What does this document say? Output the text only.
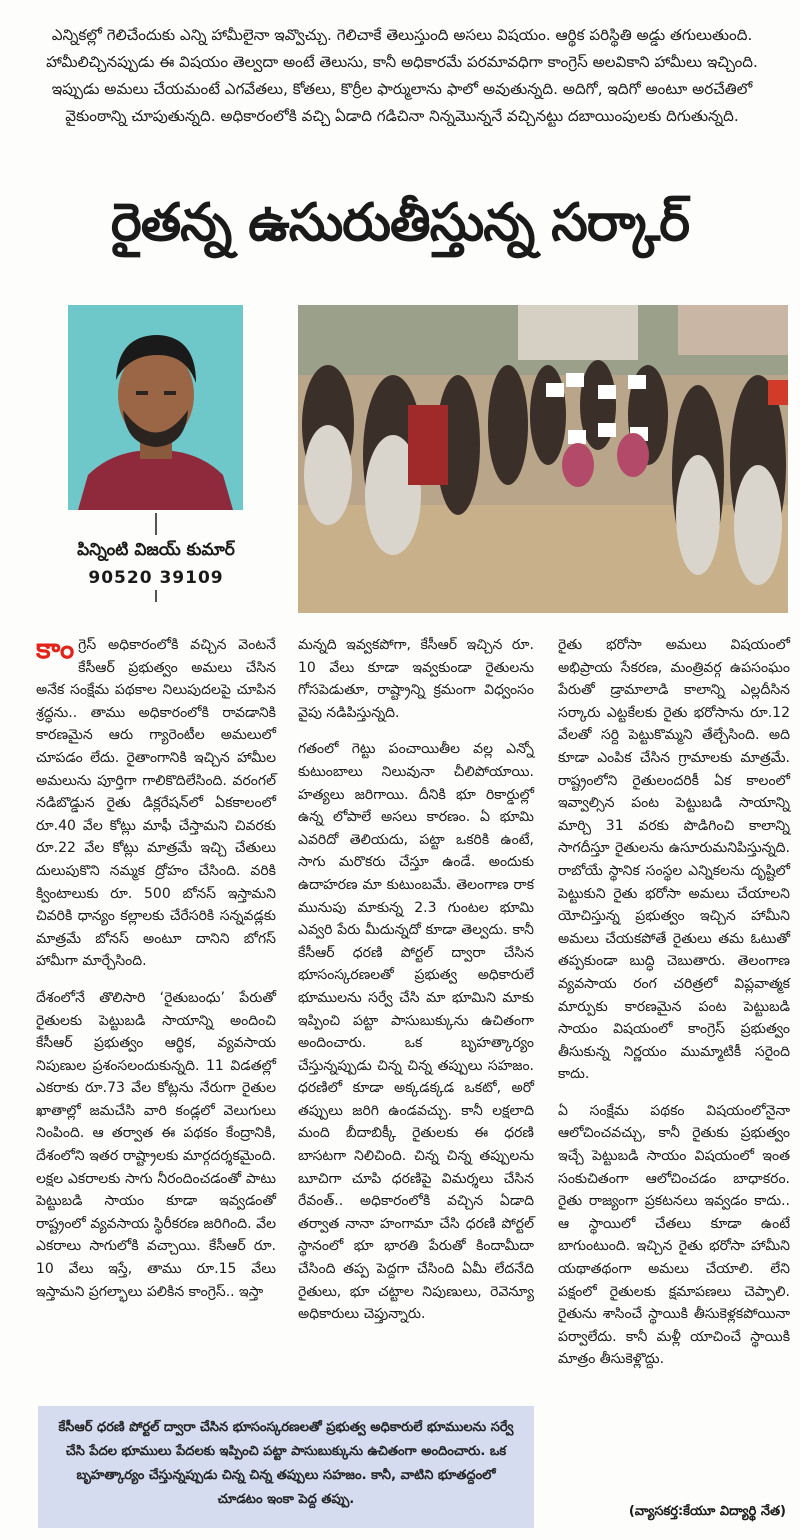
ఎన్నికల్లో గెలిచేందుకు ఎన్ని హామీలైనా ఇవ్వొచ్చు. గెలిచాకే తెలుస్తుంది అసలు విషయం. ఆర్థిక పరిస్థితి అడ్డు తగులుతుంది. హామీలిచ్చినప్పుడు ఈ విషయం తెల్వదా అంటే తెలుసు, కానీ అధికారమే పరమావధిగా కాంగ్రెస్ అలవికాని హామీలు ఇచ్చింది. ఇప్పుడు అమలు చేయమంటే ఎగవేతలు, కోతలు, కొర్రీల ఫార్ములాను ఫాలో అవుతున్నది. అదిగో, ఇదిగో అంటూ అరచేతిలో వైకుంఠాన్ని చూపుతున్నది. అధికారంలోకి వచ్చి ఏడాది గడిచినా నిన్నమొన్ననే వచ్చినట్టు దబాయింపులకు దిగుతున్నది.
రైతన్న ఉసురుతీస్తున్న సర్కార్
పిన్నింటి విజయ్ కుమార్
90520 39109

కాంగ్రెస్ అధికారంలోకి వచ్చిన వెంటనే కేసీఆర్ ప్రభుత్వం అమలు చేసిన అనేక సంక్షేమ పథకాల నిలుపుదలపై చూపిన శ్రద్ధను.. తాము అధికారంలోకి రావడానికి కారణమైన ఆరు గ్యారెంటీల అమలులో చూపడం లేదు. రైతాంగానికి ఇచ్చిన హామీల అమలును పూర్తిగా గాలికొదిలేసింది. వరంగల్ నడిబొడ్డున రైతు డిక్లరేషన్‌లో ఏకకాలంలో రూ.40 వేల కోట్లు మాఫీ చేస్తామని చివరకు రూ.22 వేల కోట్లు మాత్రమే ఇచ్చి చేతులు దులుపుకొని నమ్మక ద్రోహం చేసింది. వరికి క్వింటాలుకు రూ. 500 బోనస్ ఇస్తామని చివరికి ధాన్యం కల్లాలకు చేరేసరికి సన్నవడ్లకు మాత్రమే బోనస్ అంటూ దానిని బోగస్ హామీగా మార్చేసింది.

దేశంలోనే తొలిసారి ‘రైతుబంధు’ పేరుతో రైతులకు పెట్టుబడి సాయాన్ని అందించి కేసీఆర్ ప్రభుత్వం ఆర్థిక, వ్యవసాయ నిపుణుల ప్రశంసలందుకున్నది. 11 విడతల్లో ఎకరాకు రూ.73 వేల కోట్లను నేరుగా రైతుల ఖాతాల్లో జమచేసి వారి కండ్లలో వెలుగులు నింపింది. ఆ తర్వాత ఈ పథకం కేంద్రానికి, దేశంలోని ఇతర రాష్ట్రాలకు మార్గదర్శకమైంది. లక్షల ఎకరాలకు సాగు నీరందించడంతో పాటు పెట్టుబడి సాయం కూడా ఇవ్వడంతో రాష్ట్రంలో వ్యవసాయ స్థిరీకరణ జరిగింది. వేల ఎకరాలు సాగులోకి వచ్చాయి. కేసీఆర్ రూ. 10 వేలు ఇస్తే, తాము రూ.15 వేలు ఇస్తామని ప్రగల్భాలు పలికిన కాంగ్రెస్.. ఇస్తా

మన్నది ఇవ్వకపోగా, కేసీఆర్ ఇచ్చిన రూ. 10 వేలు కూడా ఇవ్వకుండా రైతులను గోసపెడుతూ, రాష్ట్రాన్ని క్రమంగా విధ్వంసం వైపు నడిపిస్తున్నది.

గతంలో గెట్టు పంచాయితీల వల్ల ఎన్నో కుటుంబాలు నిలువునా చీలిపోయాయి. హత్యలు జరిగాయి. దీనికి భూ రికార్డుల్లో ఉన్న లోపాలే అసలు కారణం. ఏ భూమి ఎవరిదో తెలియదు, పట్టా ఒకరికి ఉంటే, సాగు మరొకరు చేస్తూ ఉండే. అందుకు ఉదాహరణ మా కుటుంబమే. తెలంగాణ రాక మునుపు మాకున్న 2.3 గుంటల భూమి ఎవ్వరి పేరు మీదున్నదో కూడా తెల్వదు. కానీ కేసీఆర్ ధరణి పోర్టల్ ద్వారా చేసిన భూసంస్కరణలతో ప్రభుత్వ అధికారులే భూములను సర్వే చేసి మా భూమిని మాకు ఇప్పించి పట్టా పాసుబుక్కును ఉచితంగా అందించారు. ఒక బృహత్కార్యం చేస్తున్నప్పుడు చిన్న చిన్న తప్పులు సహజం. ధరణిలో కూడా అక్కడక్కడ ఒకటో, అరో తప్పులు జరిగి ఉండవచ్చు. కానీ లక్షలాది మంది బీదాబిక్కీ రైతులకు ఈ ధరణి బాసటగా నిలిచింది. చిన్న చిన్న తప్పులను బూచిగా చూపి ధరణిపై విమర్శలు చేసిన రేవంత్.. అధికారంలోకి వచ్చిన ఏడాది తర్వాత నానా హంగామా చేసి ధరణి పోర్టల్ స్థానంలో భూ భారతి పేరుతో కిందామీదా చేసింది తప్ప పెద్దగా చేసింది ఏమీ లేదనేది రైతులు, భూ చట్టాల నిపుణులు, రెవెన్యూ అధికారులు చెప్తున్నారు.

రైతు భరోసా అమలు విషయంలో అభిప్రాయ సేకరణ, మంత్రివర్గ ఉపసంఘం పేరుతో డ్రామాలాడి కాలాన్ని ఎల్లదీసిన సర్కారు ఎట్టకేలకు రైతు భరోసాను రూ.12 వేలతో సర్ది పెట్టుకొమ్మని తేల్చేసింది. అది కూడా ఎంపిక చేసిన గ్రామాలకు మాత్రమే. రాష్ట్రంలోని రైతులందరికీ ఏక కాలంలో ఇవ్వాల్సిన పంట పెట్టుబడి సాయాన్ని మార్చి 31 వరకు పొడిగించి కాలాన్ని సాగదీస్తూ రైతులను ఉసూరుమనిపిస్తున్నది. రాబోయే స్థానిక సంస్థల ఎన్నికలను దృష్టిలో పెట్టుకుని రైతు భరోసా అమలు చేయాలని యోచిస్తున్న ప్రభుత్వం ఇచ్చిన హామీని అమలు చేయకపోతే రైతులు తమ ఓటుతో తప్పకుండా బుద్ధి చెబుతారు. తెలంగాణ వ్యవసాయ రంగ చరిత్రలో విప్లవాత్మక మార్పుకు కారణమైన పంట పెట్టుబడి సాయం విషయంలో కాంగ్రెస్ ప్రభుత్వం తీసుకున్న నిర్ణయం ముమ్మాటికీ సరైంది కాదు.

ఏ సంక్షేమ పథకం విషయంలోనైనా ఆలోచించవచ్చు, కానీ రైతుకు ప్రభుత్వం ఇచ్చే పెట్టుబడి సాయం విషయంలో ఇంత సంకుచితంగా ఆలోచించడం బాధాకరం. రైతు రాజ్యంగా ప్రకటనలు ఇవ్వడం కాదు.. ఆ స్థాయిలో చేతలు కూడా ఉంటే బాగుంటుంది. ఇచ్చిన రైతు భరోసా హామీని యథాతథంగా అమలు చేయాలి. లేని పక్షంలో రైతులకు క్షమాపణలు చెప్పాలి. రైతును శాసించే స్థాయికి తీసుకెళ్లకపోయినా పర్వాలేదు. కానీ మళ్లీ యాచించే స్థాయికి మాత్రం తీసుకెళ్లొద్దు.

కేసీఆర్ ధరణి పోర్టల్ ద్వారా చేసిన భూసంస్కరణలతో ప్రభుత్వ అధికారులే భూములను సర్వే చేసి పేదల భూములు పేదలకు ఇప్పించి పట్టా పాసుబుక్కును ఉచితంగా అందించారు. ఒక బృహత్కార్యం చేస్తున్నప్పుడు చిన్న చిన్న తప్పులు సహజం. కానీ, వాటిని భూతద్దంలో చూడటం ఇంకా పెద్ద తప్పు.
(వ్యాసకర్త:కేయూ విద్యార్థి నేత)
